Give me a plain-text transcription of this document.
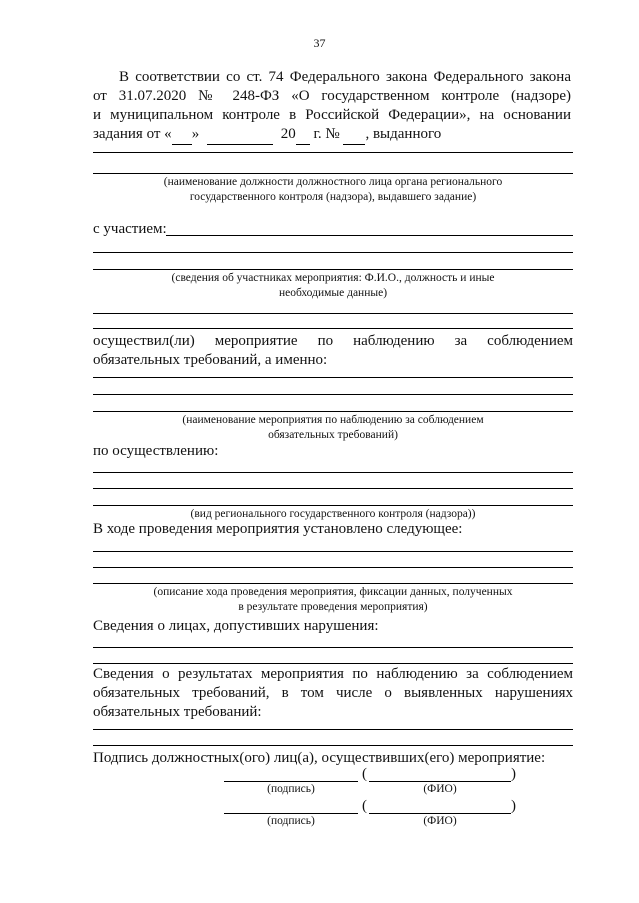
37
В соответствии со ст. 74 Федерального закона Федерального закона
от 31.07.2020 № 248-ФЗ «О государственном контроле (надзоре)
и муниципальном контроле в Российской Федерации», на основании
задания от « »	20 г. № , выданного
(наименование должности должностного лица органа регионального
государственного контроля (надзора), выдавшего задание)
с участием:
(сведения об участниках мероприятия: Ф.И.О., должность и иные
необходимые данные)
осуществил(ли) мероприятие по наблюдению за соблюдением
обязательных требований, а именно:
(наименование мероприятия по наблюдению за соблюдением
обязательных требований)
по осуществлению:
(вид регионального государственного контроля (надзора))
В ходе проведения мероприятия установлено следующее:
(описание хода проведения мероприятия, фиксации данных, полученных
в результате проведения мероприятия)
Сведения о лицах, допустивших нарушения:
Сведения о результатах мероприятия по наблюдению за соблюдением
обязательных требований, в том числе о выявленных нарушениях
обязательных требований:
Подпись должностных(ого) лиц(а), осуществивших(его) мероприятие:
(	)
(подпись)	(ФИО)
(	)
(подпись)	(ФИО)
